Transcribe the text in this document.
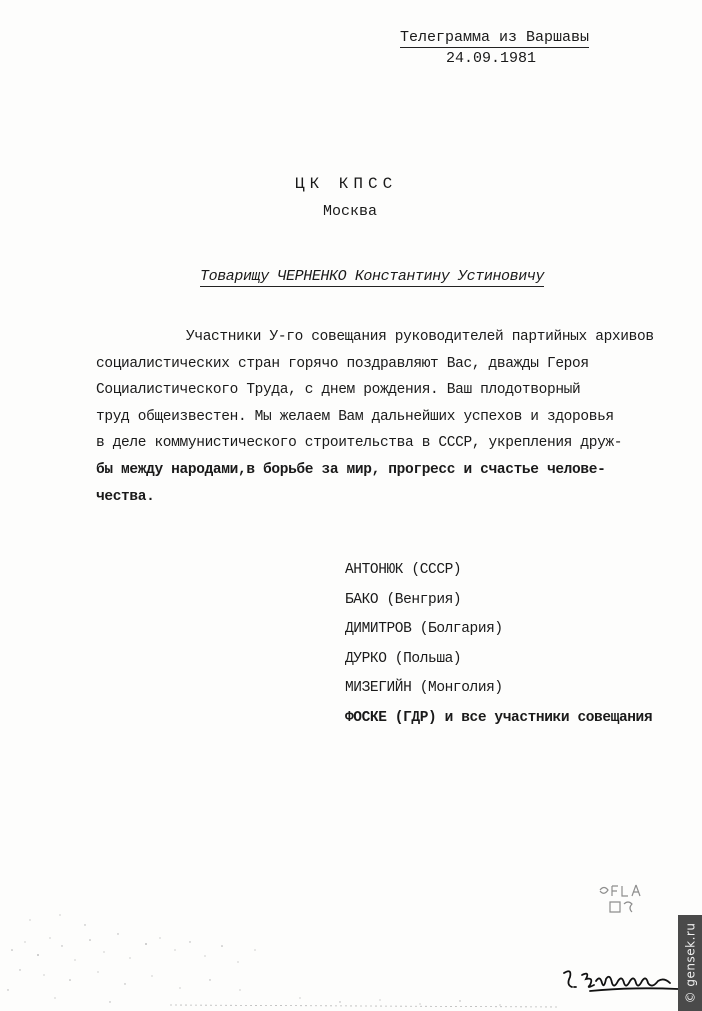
Телеграмма из Варшавы
24.09.1981
ЦК КПСС
Москва
Товарищу ЧЕРНЕНКО Константину Устиновичу
Участники У-го совещания руководителей партийных архивов
социалистических стран горячо поздравляют Вас, дважды Героя
Социалистического Труда, с днем рождения. Ваш плодотворный
труд общеизвестен. Мы желаем Вам дальнейших успехов и здоровья
в деле коммунистического строительства в СССР, укрепления друж-
бы между народами,в борьбе за мир, прогресс и счастье челове-
чества.
АНТОНЮК (СССР)
БАКО (Венгрия)
ДИМИТРОВ (Болгария)
ДУРКО (Польша)
МИЗЕГИЙН (Монголия)
ФОСКЕ (ГДР) и все участники совещания
© gensek.ru
